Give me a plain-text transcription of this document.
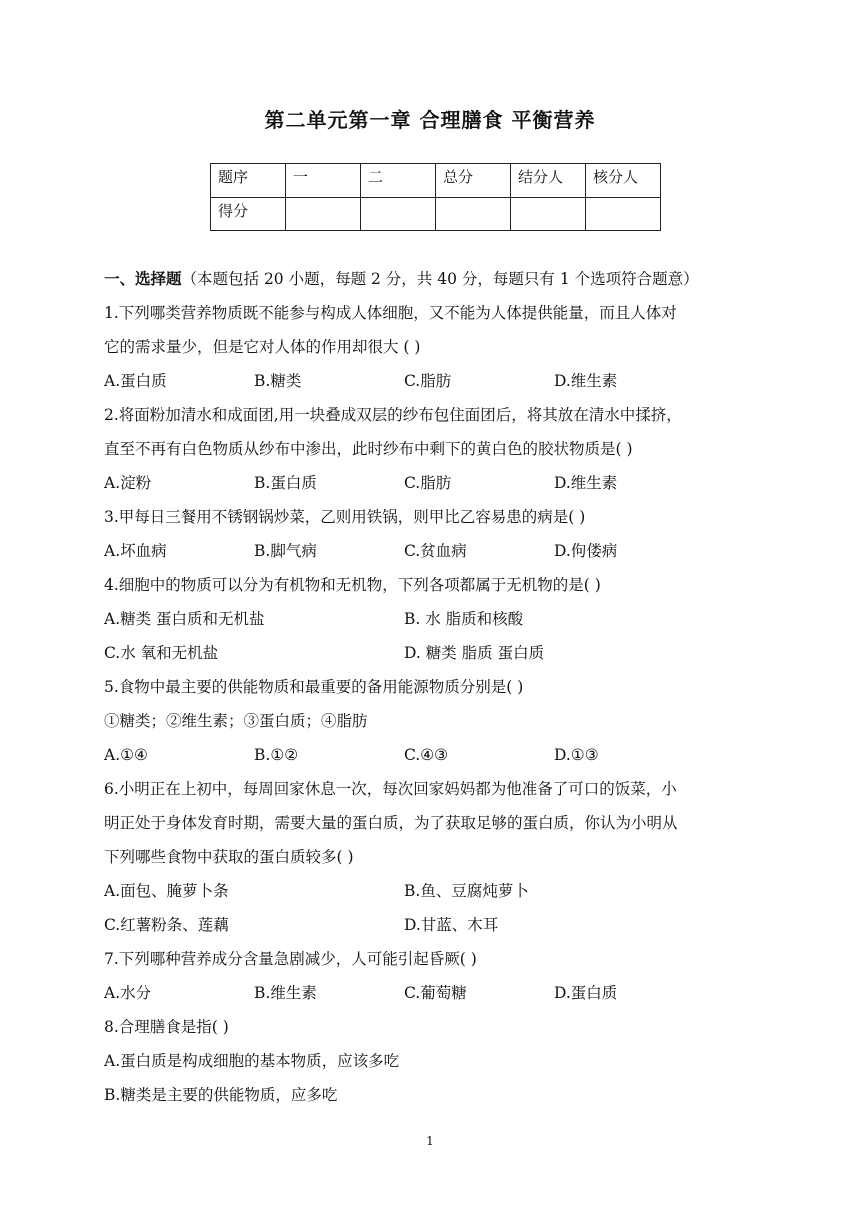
第二单元第一章 合理膳食 平衡营养
题序	一	二	总分	结分人	核分人
得分					
一、选择题（本题包括 20 小题，每题 2 分，共 40 分，每题只有 1 个选项符合题意）
1.下列哪类营养物质既不能参与构成人体细胞，又不能为人体提供能量，而且人体对
它的需求量少，但是它对人体的作用却很大 ( )
A.蛋白质	B.糖类	C.脂肪	D.维生素
2.将面粉加清水和成面团,用一块叠成双层的纱布包住面团后，将其放在清水中揉挤，
直至不再有白色物质从纱布中渗出，此时纱布中剩下的黄白色的胶状物质是( )
A.淀粉	B.蛋白质	C.脂肪	D.维生素
3.甲每日三餐用不锈钢锅炒菜，乙则用铁锅，则甲比乙容易患的病是( )
A.坏血病	B.脚气病	C.贫血病	D.佝偻病
4.细胞中的物质可以分为有机物和无机物，下列各项都属于无机物的是( )
A.糖类 蛋白质和无机盐	B. 水 脂质和核酸
C.水 氧和无机盐	D. 糖类 脂质 蛋白质
5.食物中最主要的供能物质和最重要的备用能源物质分别是( )
①糖类；②维生素；③蛋白质；④脂肪
A.①④	B.①②	C.④③	D.①③
6.小明正在上初中，每周回家休息一次，每次回家妈妈都为他准备了可口的饭菜，小
明正处于身体发育时期，需要大量的蛋白质，为了获取足够的蛋白质，你认为小明从
下列哪些食物中获取的蛋白质较多( )
A.面包、腌萝卜条	B.鱼、豆腐炖萝卜
C.红薯粉条、莲藕	D.甘蓝、木耳
7.下列哪种营养成分含量急剧减少，人可能引起昏厥( )
A.水分	B.维生素	C.葡萄糖	D.蛋白质
8.合理膳食是指( )
A.蛋白质是构成细胞的基本物质，应该多吃
B.糖类是主要的供能物质，应多吃
1
